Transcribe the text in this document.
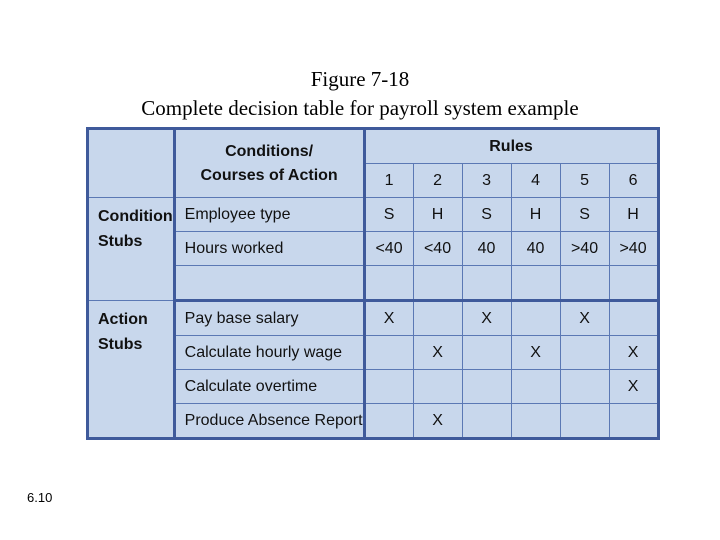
Figure 7-18
Complete decision table for payroll system example

	Conditions/
Courses of Action	Rules					
		1	2	3	4	5	6

Condition
Stubs	Employee type	S	H	S	H	S	H
	Hours worked	<40	<40	40	40	>40	>40

Action
Stubs	Pay base salary	X		X		X	
	Calculate hourly wage		X		X		X
	Calculate overtime						X
	Produce Absence Report		X				
6.10
